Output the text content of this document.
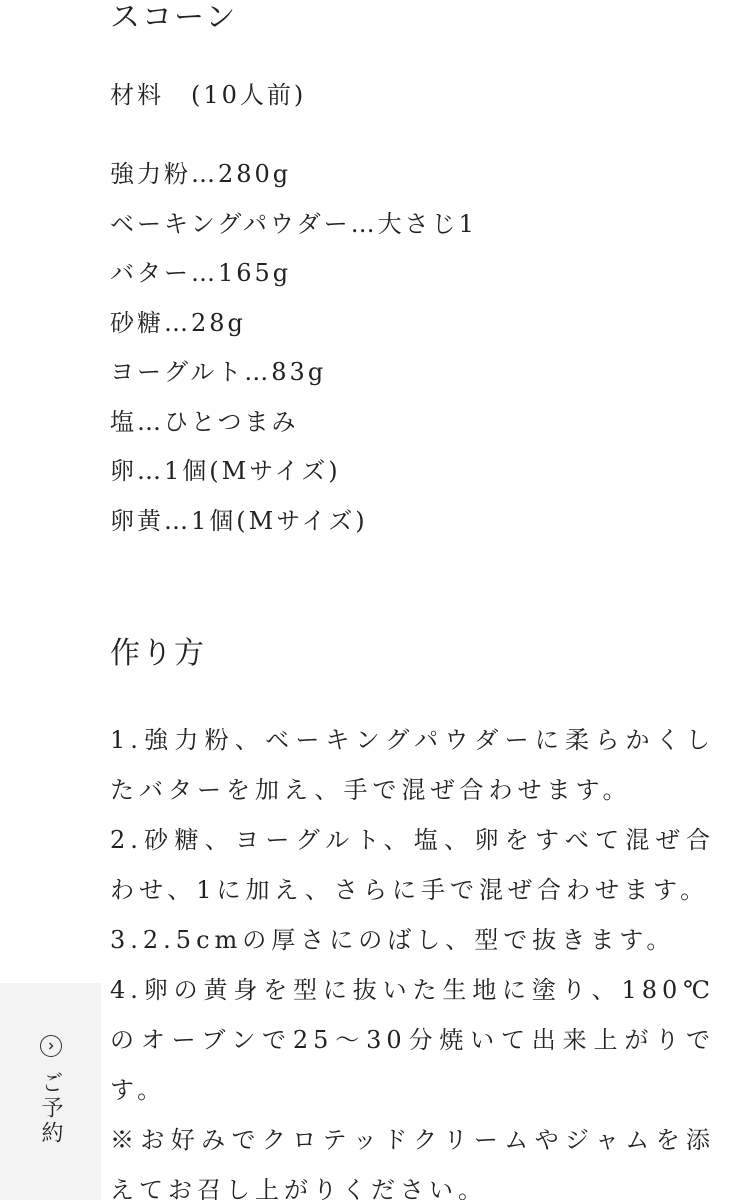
スコーン
材料　(10人前)
強力粉…280g
ベーキングパウダー…大さじ1
バター…165g
砂糖…28g
ヨーグルト…83g
塩…ひとつまみ
卵…1個(Mサイズ)
卵黄…1個(Mサイズ)
作り方
1.強力粉、ベーキングパウダーに柔らかくしたバターを加え、手で混ぜ合わせます。
2.砂糖、ヨーグルト、塩、卵をすべて混ぜ合わせ、1に加え、さらに手で混ぜ合わせます。
3.2.5cmの厚さにのばし、型で抜きます。
4.卵の黄身を型に抜いた生地に塗り、180℃のオーブンで25～30分焼いて出来上がりです。
※お好みでクロテッドクリームやジャムを添えてお召し上がりください。
ご予約
